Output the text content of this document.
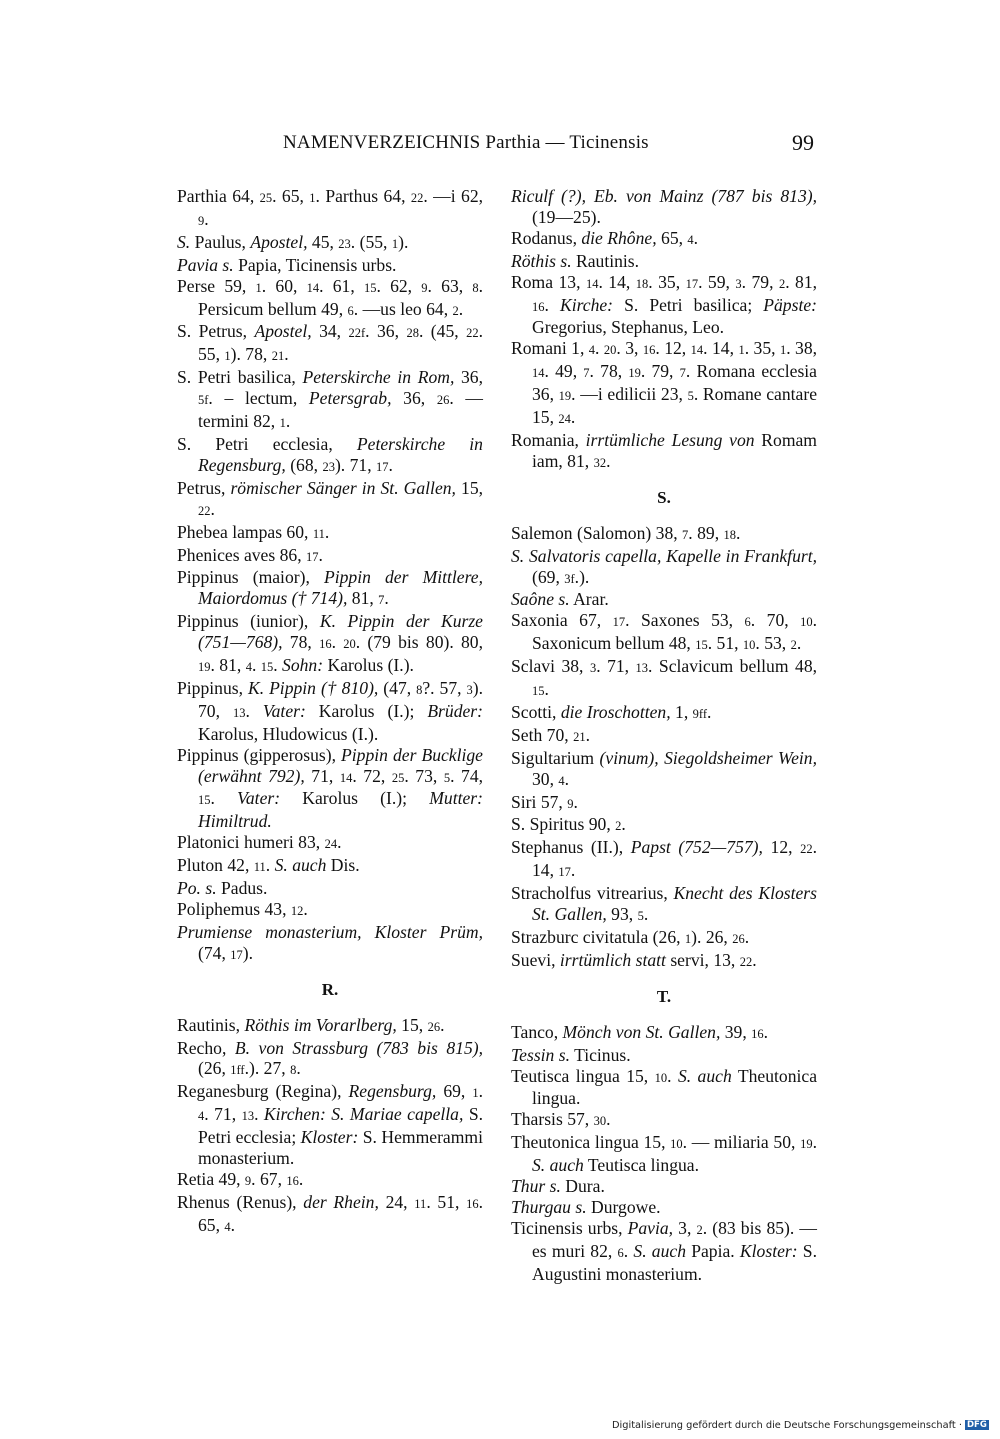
NAMENVERZEICHNIS Parthia — Ticinensis	99

Parthia 64, 25. 65, 1. Parthus 64, 22. —i 62, 9.

S. Paulus, Apostel, 45, 23. (55, 1).

Pavia s. Papia, Ticinensis urbs.

Perse 59, 1. 60, 14. 61, 15. 62, 9. 63, 8. Persicum bellum 49, 6. —us leo 64, 2.

S. Petrus, Apostel, 34, 22f. 36, 28. (45, 22. 55, 1). 78, 21.

S. Petri basilica, Peterskirche in Rom, 36, 5f. – lectum, Petersgrab, 36, 26. — termini 82, 1.

S. Petri ecclesia, Peterskirche in Regensburg, (68, 23). 71, 17.

Petrus, römischer Sänger in St. Gallen, 15, 22.

Phebea lampas 60, 11.

Phenices aves 86, 17.

Pippinus (maior), Pippin der Mittlere, Maiordomus († 714), 81, 7.

Pippinus (iunior), K. Pippin der Kurze (751—768), 78, 16. 20. (79 bis 80). 80, 19. 81, 4. 15. Sohn: Karolus (I.).

Pippinus, K. Pippin († 810), (47, 8?. 57, 3). 70, 13. Vater: Karolus (I.); Brüder: Karolus, Hludowicus (I.).

Pippinus (gipperosus), Pippin der Bucklige (erwähnt 792), 71, 14. 72, 25. 73, 5. 74, 15. Vater: Karolus (I.); Mutter: Himiltrud.

Platonici humeri 83, 24.

Pluton 42, 11. S. auch Dis.

Po. s. Padus.

Poliphemus 43, 12.

Prumiense monasterium, Kloster Prüm, (74, 17).

R.

Rautinis, Röthis im Vorarlberg, 15, 26.

Recho, B. von Strassburg (783 bis 815), (26, 1ff.). 27, 8.

Reganesburg (Regina), Regensburg, 69, 1. 4. 71, 13. Kirchen: S. Mariae capella, S. Petri ecclesia; Kloster: S. Hemmerammi monasterium.

Retia 49, 9. 67, 16.

Rhenus (Renus), der Rhein, 24, 11. 51, 16. 65, 4.

Riculf (?), Eb. von Mainz (787 bis 813), (19—25).

Rodanus, die Rhône, 65, 4.

Röthis s. Rautinis.

Roma 13, 14. 14, 18. 35, 17. 59, 3. 79, 2. 81, 16. Kirche: S. Petri basilica; Päpste: Gregorius, Stephanus, Leo.

Romani 1, 4. 20. 3, 16. 12, 14. 14, 1. 35, 1. 38, 14. 49, 7. 78, 19. 79, 7. Romana ecclesia 36, 19. —i edilicii 23, 5. Romane cantare 15, 24.

Romania, irrtümliche Lesung von Romam iam, 81, 32.

S.

Salemon (Salomon) 38, 7. 89, 18.

S. Salvatoris capella, Kapelle in Frankfurt, (69, 3f.).

Saône s. Arar.

Saxonia 67, 17. Saxones 53, 6. 70, 10. Saxonicum bellum 48, 15. 51, 10. 53, 2.

Sclavi 38, 3. 71, 13. Sclavicum bellum 48, 15.

Scotti, die Iroschotten, 1, 9ff.

Seth 70, 21.

Sigultarium (vinum), Siegoldsheimer Wein, 30, 4.

Siri 57, 9.

S. Spiritus 90, 2.

Stephanus (II.), Papst (752—757), 12, 22. 14, 17.

Stracholfus vitrearius, Knecht des Klosters St. Gallen, 93, 5.

Strazburc civitatula (26, 1). 26, 26.

Suevi, irrtümlich statt servi, 13, 22.

T.

Tanco, Mönch von St. Gallen, 39, 16.

Tessin s. Ticinus.

Teutisca lingua 15, 10. S. auch Theutonica lingua.

Tharsis 57, 30.

Theutonica lingua 15, 10. — miliaria 50, 19. S. auch Teutisca lingua.

Thur s. Dura.

Thurgau s. Durgowe.

Ticinensis urbs, Pavia, 3, 2. (83 bis 85). — es muri 82, 6. S. auch Papia. Kloster: S. Augustini monasterium.

Digitalisierung gefördert durch die Deutsche Forschungsgemeinschaft · DFG
